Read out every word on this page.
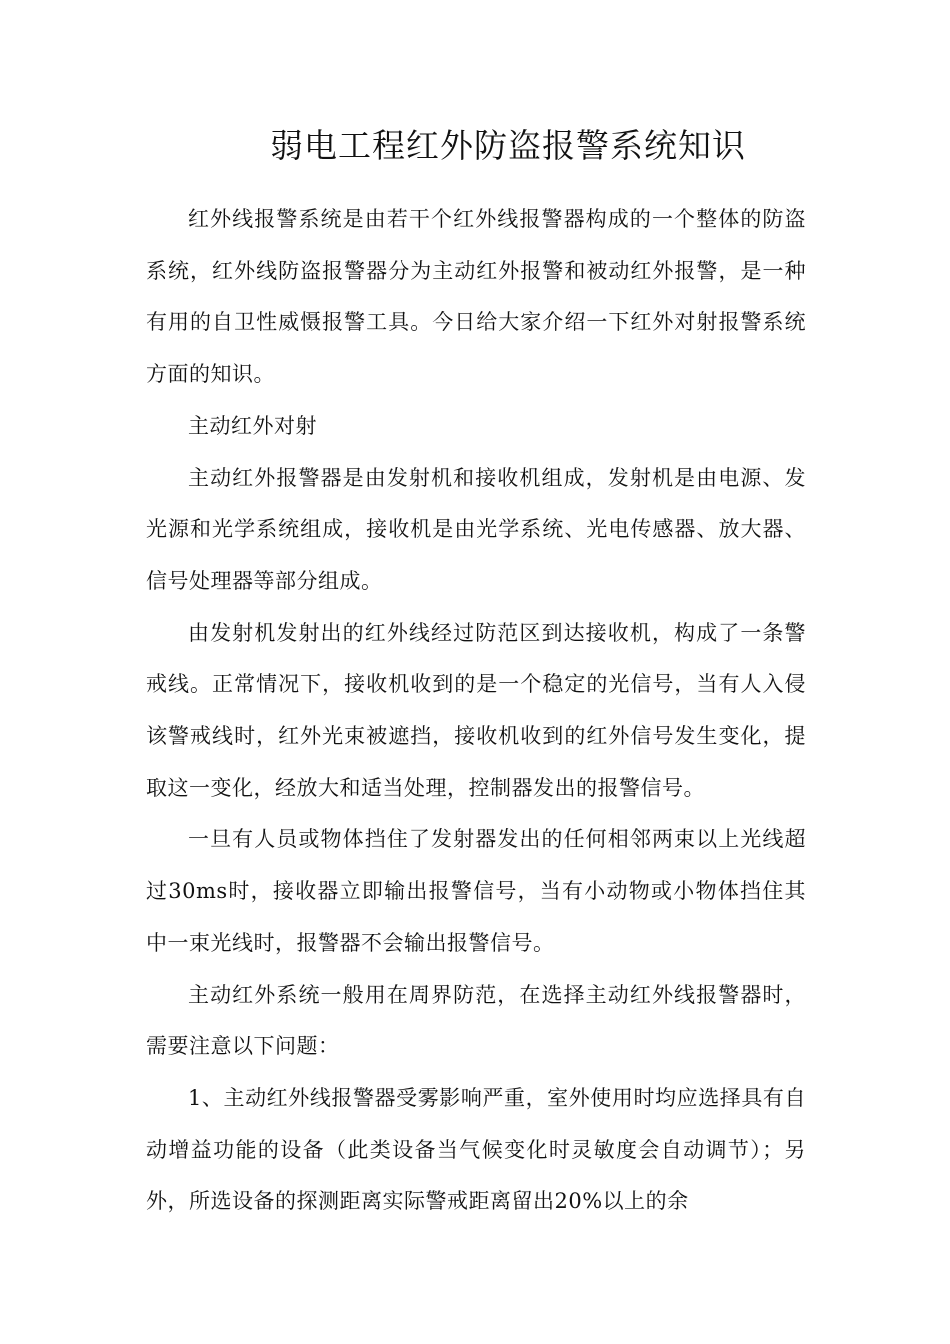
弱电工程红外防盗报警系统知识

红外线报警系统是由若干个红外线报警器构成的一个整体的防盗系统，红外线防盗报警器分为主动红外报警和被动红外报警，是一种有用的自卫性威慑报警工具。今日给大家介绍一下红外对射报警系统方面的知识。

主动红外对射

主动红外报警器是由发射机和接收机组成，发射机是由电源、发光源和光学系统组成，接收机是由光学系统、光电传感器、放大器、信号处理器等部分组成。

由发射机发射出的红外线经过防范区到达接收机，构成了一条警戒线。正常情况下，接收机收到的是一个稳定的光信号，当有人入侵该警戒线时，红外光束被遮挡，接收机收到的红外信号发生变化，提取这一变化，经放大和适当处理，控制器发出的报警信号。

一旦有人员或物体挡住了发射器发出的任何相邻两束以上光线超过30ms时，接收器立即输出报警信号，当有小动物或小物体挡住其中一束光线时，报警器不会输出报警信号。

主动红外系统一般用在周界防范，在选择主动红外线报警器时，需要注意以下问题：

1、主动红外线报警器受雾影响严重，室外使用时均应选择具有自动增益功能的设备（此类设备当气候变化时灵敏度会自动调节）；另外，所选设备的探测距离实际警戒距离留出20%以上的余
